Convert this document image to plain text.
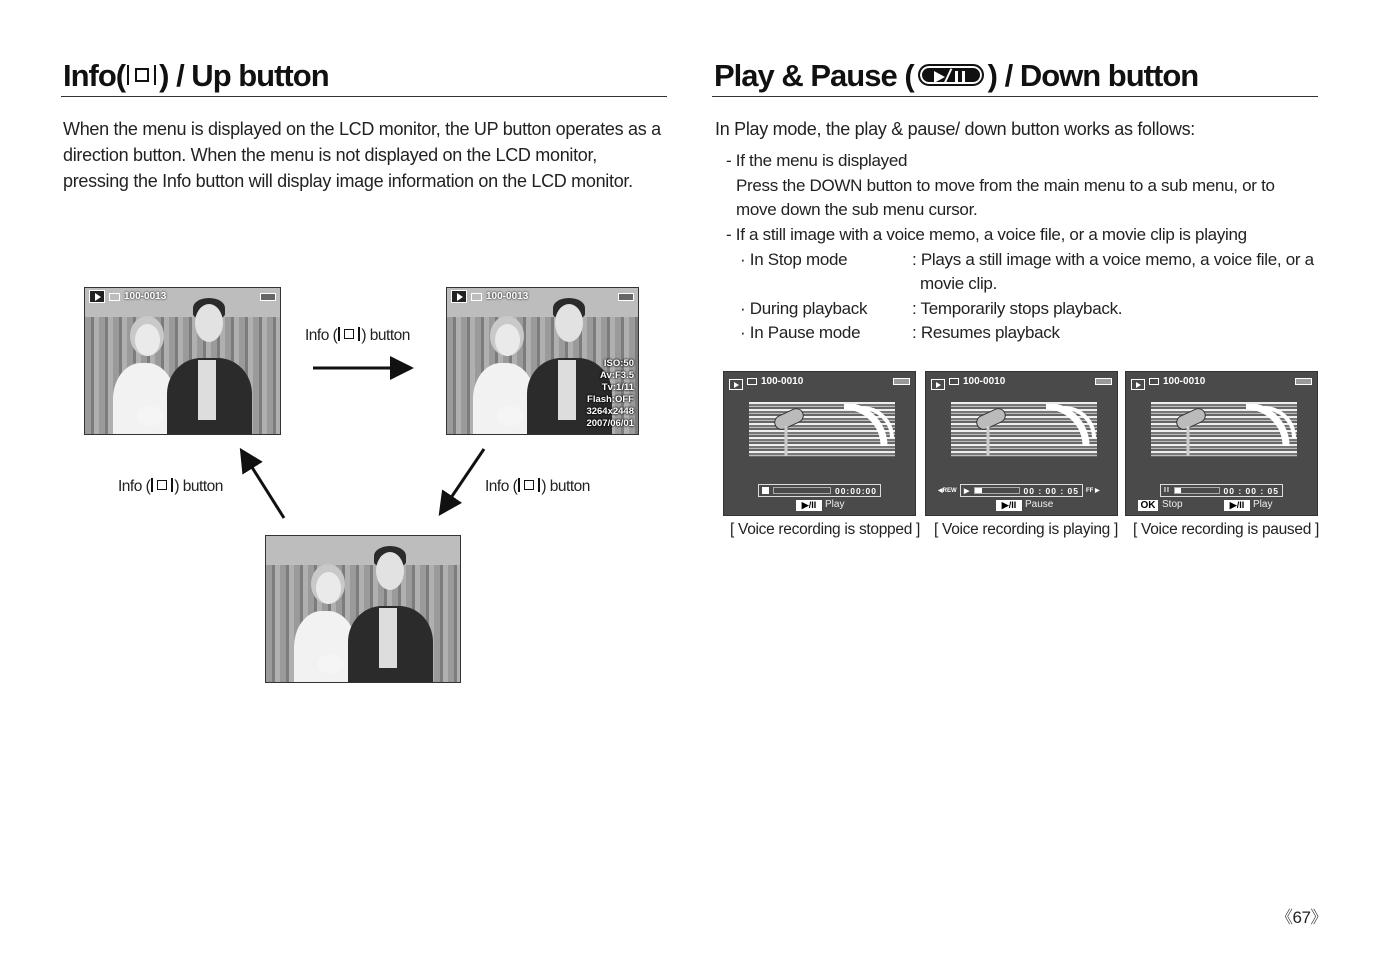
Info( ) / Up button	Play & Pause ( ) / Down button

When the menu is displayed on the LCD monitor, the UP button operates as a direction button. When the menu is not displayed on the LCD monitor, pressing the Info button will display image information on the LCD monitor.

100-0013	100-0013
ISO:50
Av:F3.5
Tv:1/11
Flash:OFF
3264x2448
2007/06/01
Info ( ) button
Info ( ) button	Info ( ) button
In Play mode, the play & pause/ down button works as follows:
- If the menu is displayed
Press the DOWN button to move from the main menu to a sub menu, or to
move down the sub menu cursor.
- If a still image with a voice memo, a voice file, or a movie clip is playing
· In Stop mode	: Plays a still image with a voice memo, a voice file, or a
movie clip.
· During playback	: Temporarily stops playback.
· In Pause mode	: Resumes playback
100-0010
00:00:00
▶/II Play
100-0010
◀REW	FF ▶
▶	00 : 00 : 05
▶/II Pause
100-0010
II	00 : 00 : 05
OK Stop	▶/II Play
[ Voice recording is stopped ] [ Voice recording is playing ] [ Voice recording is paused ]
《67》
